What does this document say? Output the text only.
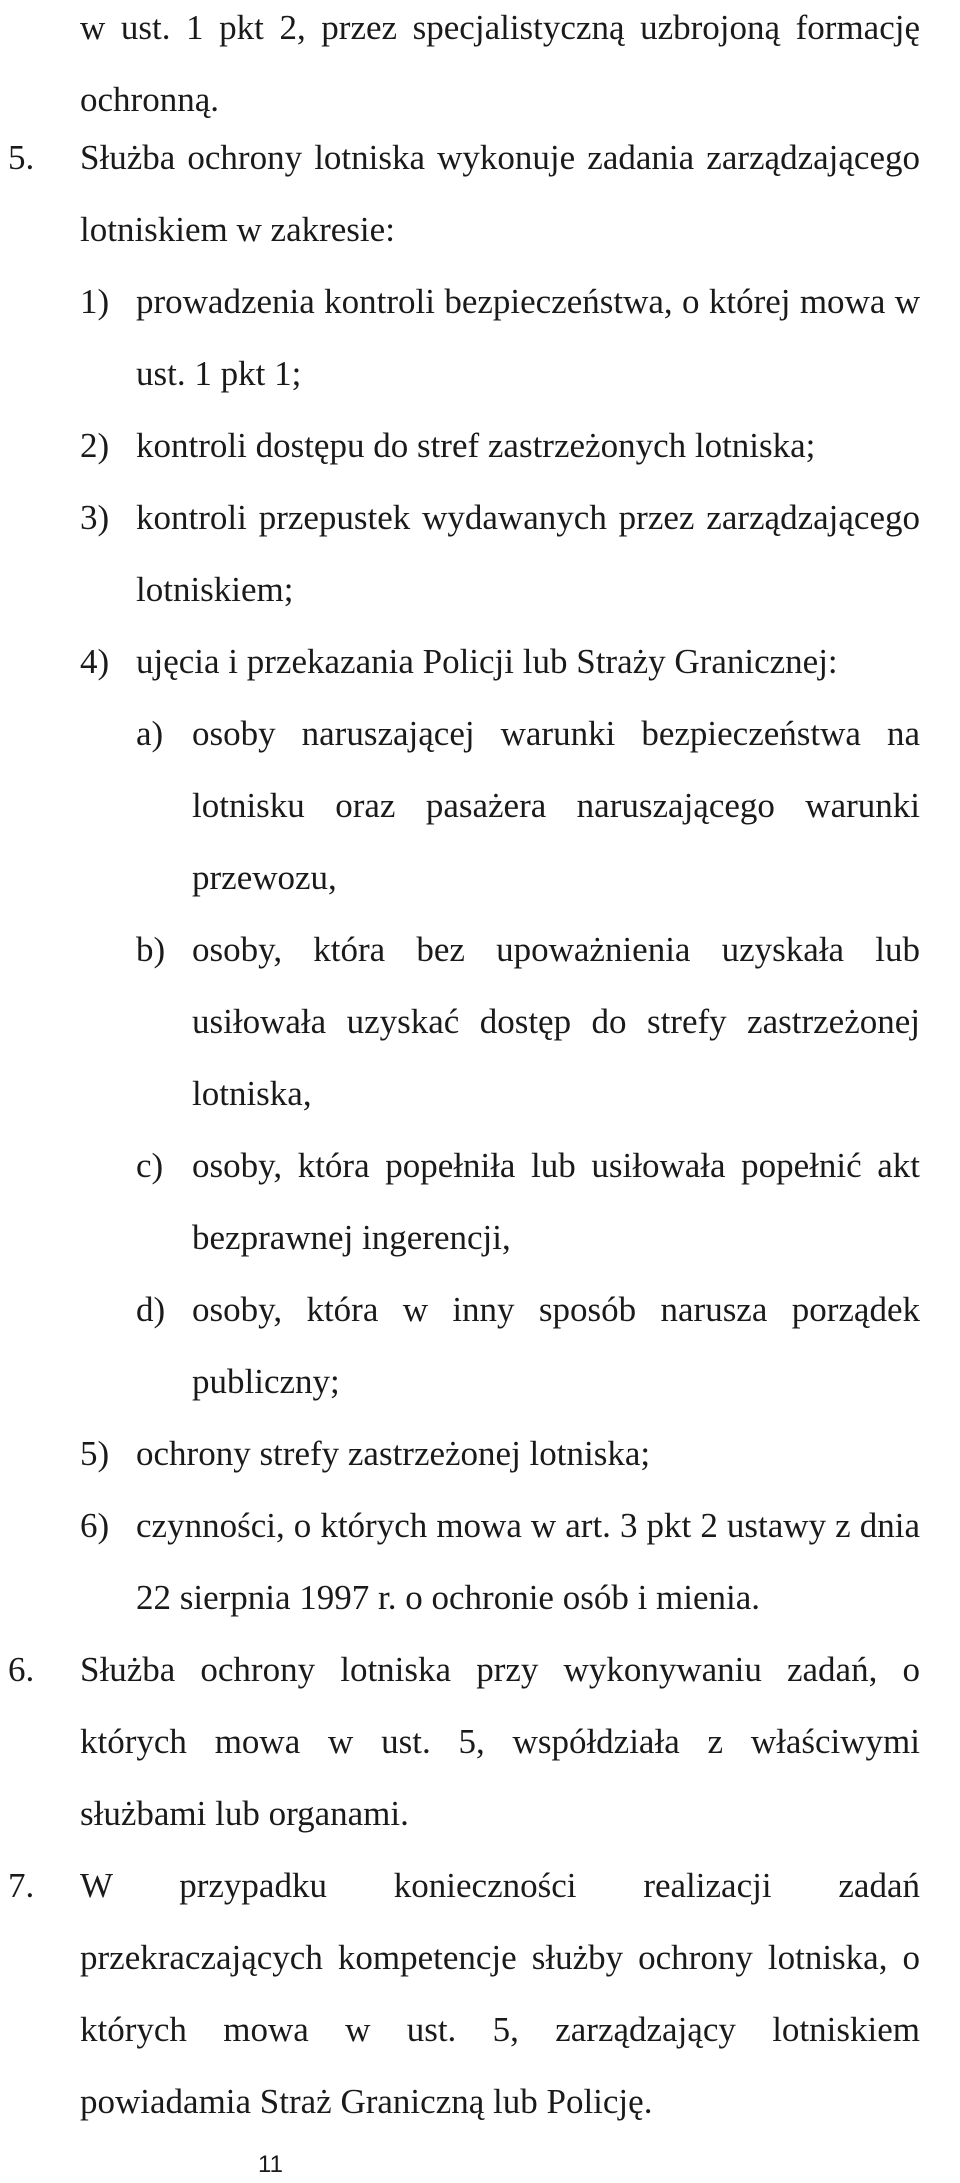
w ust. 1 pkt 2, przez specjalistyczną uzbrojoną formację ochronną.
5.	Służba ochrony lotniska wykonuje zadania zarządzającego lotniskiem w zakresie:
1) prowadzenia kontroli bezpieczeństwa, o której mowa w ust. 1 pkt 1;
2) kontroli dostępu do stref zastrzeżonych lotniska;
3) kontroli przepustek wydawanych przez zarządzającego lotniskiem;
4) ujęcia i przekazania Policji lub Straży Granicznej:
a) osoby naruszającej warunki bezpieczeństwa na lotnisku oraz pasażera naruszającego warunki przewozu,
b) osoby, która bez upoważnienia uzyskała lub usiłowała uzyskać dostęp do strefy zastrzeżonej lotniska,
c) osoby, która popełniła lub usiłowała popełnić akt bezprawnej ingerencji,
d) osoby, która w inny sposób narusza porządek publiczny;
5) ochrony strefy zastrzeżonej lotniska;
6) czynności, o których mowa w art. 3 pkt 2 ustawy z dnia 22 sierpnia 1997 r. o ochronie osób i mienia.
6.	Służba ochrony lotniska przy wykonywaniu zadań, o których mowa w ust. 5, współdziała z właściwymi służbami lub organami.
7.	W przypadku konieczności realizacji zadań przekraczających kompetencje służby ochrony lotniska, o których mowa w ust. 5, zarządzający lotniskiem powiadamia Straż Graniczną lub Policję.
11
